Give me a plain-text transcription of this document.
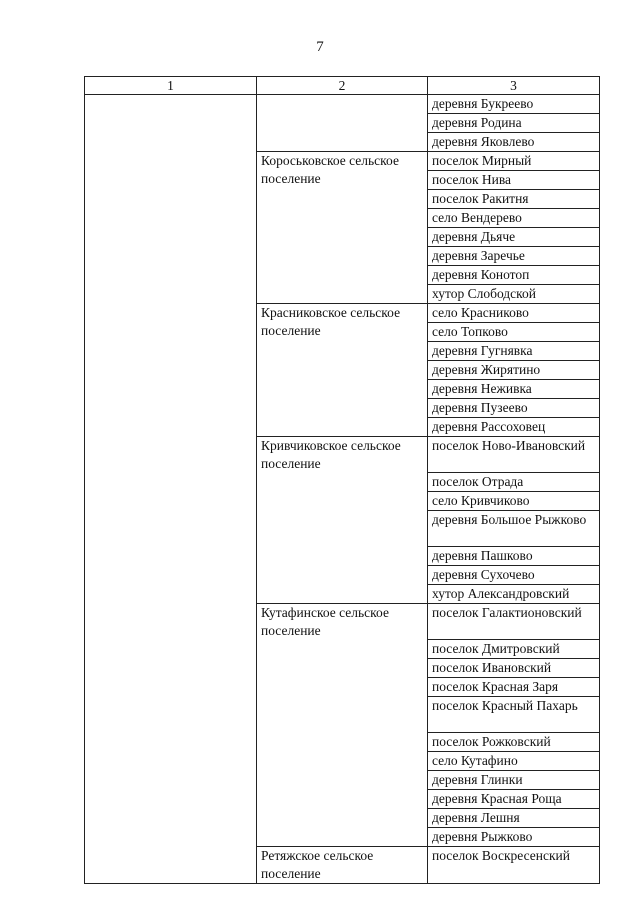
7
1	2	3
		деревня Букреево
		деревня Родина
		деревня Яковлево
	Короськовское сельское поселение	поселок Мирный
		поселок Нива
		поселок Ракитня
		село Вендерево
		деревня Дьяче
		деревня Заречье
		деревня Конотоп
		хутор Слободской
	Красниковское сельское поселение	село Красниково
		село Топково
		деревня Гугнявка
		деревня Жирятино
		деревня Неживка
		деревня Пузеево
		деревня Рассоховец
	Кривчиковское сельское поселение	поселок Ново-Ивановский
		поселок Отрада
		село Кривчиково
		деревня Большое Рыжково
		деревня Пашково
		деревня Сухочево
		хутор Александровский
	Кутафинское сельское поселение	поселок Галактионовский
		поселок Дмитровский
		поселок Ивановский
		поселок Красная Заря
		поселок Красный Пахарь
		поселок Рожковский
		село Кутафино
		деревня Глинки
		деревня Красная Роща
		деревня Лешня
		деревня Рыжково
	Ретяжское сельское поселение	поселок Воскресенский
